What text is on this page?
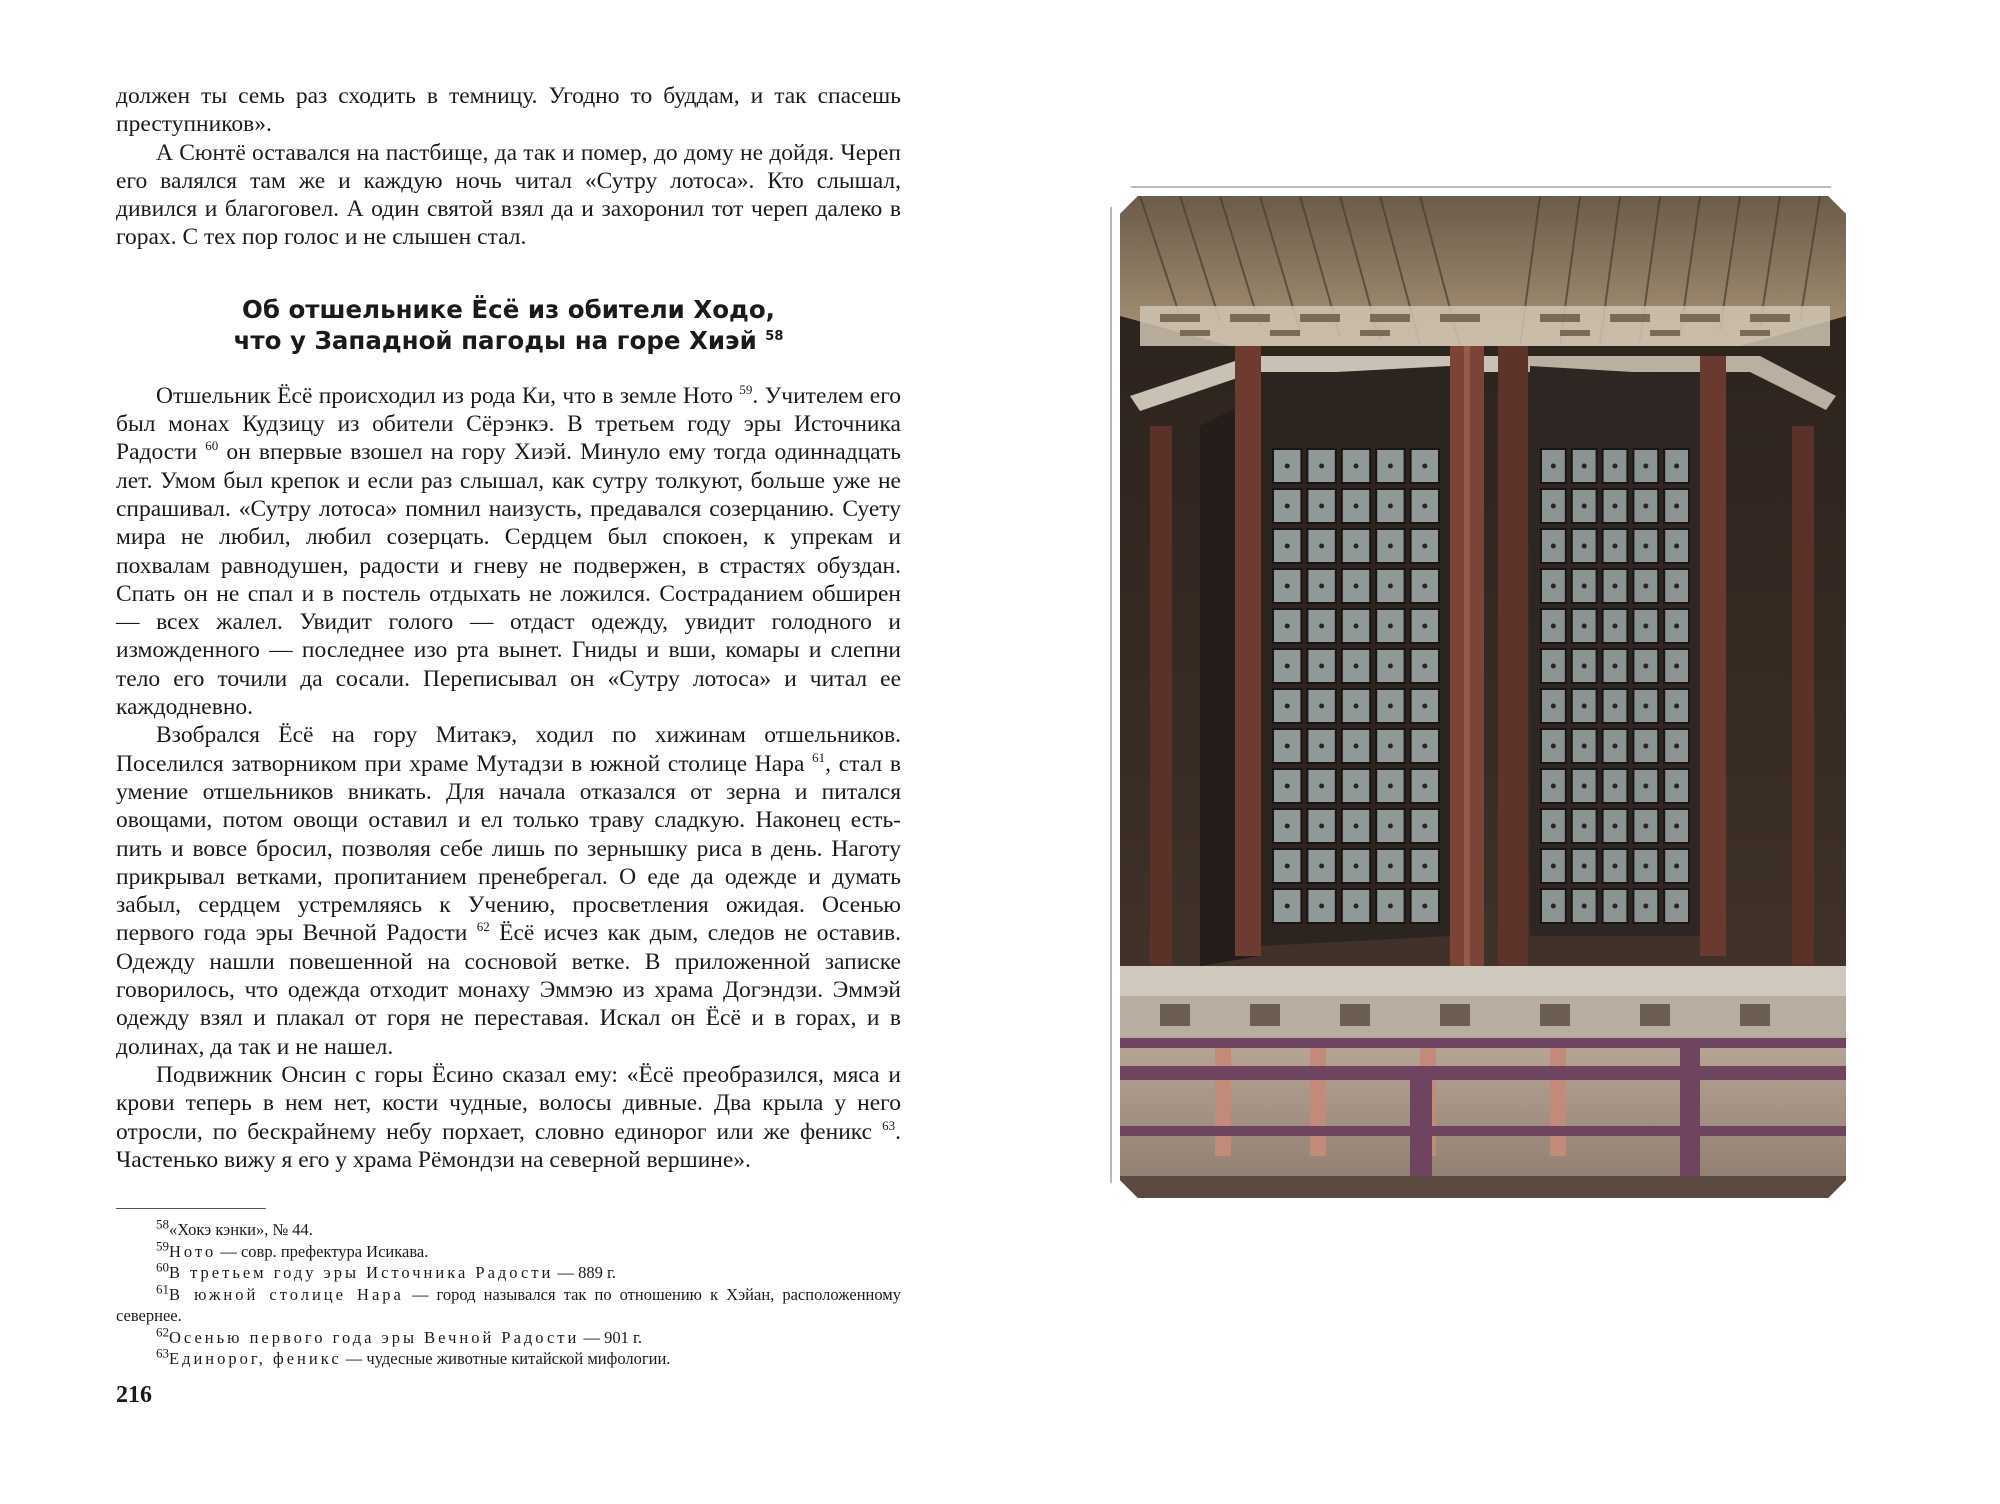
должен ты семь раз сходить в темницу. Угодно то буддам, и так спасешь преступников».

А Сюнтё оставался на пастбище, да так и помер, до дому не дойдя. Череп его валялся там же и каждую ночь читал «Сутру лотоса». Кто слышал, дивился и благоговел. А один святой взял да и захоронил тот череп далеко в горах. С тех пор голос и не слышен стал.

Об отшельнике Ёсё из обители Ходо,
что у Западной пагоды на горе Хиэй $^{58}$

Отшельник Ёсё происходил из рода Ки, что в земле Ното $^{59}$. Учителем его был монах Кудзицу из обители Сёрэнкэ. В третьем году эры Источника Радости $^{60}$ он впервые взошел на гору Хиэй. Минуло ему тогда одиннадцать лет. Умом был крепок и если раз слышал, как сутру толкуют, больше уже не спрашивал. «Сутру лотоса» помнил наизусть, предавался созерцанию. Суету мира не любил, любил созерцать. Сердцем был спокоен, к упрекам и похвалам равнодушен, радости и гневу не подвержен, в страстях обуздан. Спать он не спал и в постель отдыхать не ложился. Состраданием обширен — всех жалел. Увидит голого — отдаст одежду, увидит голодного и изможденного — последнее изо рта вынет. Гниды и вши, комары и слепни тело его точили да сосали. Переписывал он «Сутру лотоса» и читал ее каждодневно.

Взобрался Ёсё на гору Митакэ, ходил по хижинам отшельников. Поселился затворником при храме Мутадзи в южной столице Нара $^{61}$, стал в умение отшельников вникать. Для начала отказался от зерна и питался овощами, потом овощи оставил и ел только траву сладкую. Наконец есть-пить и вовсе бросил, позволяя себе лишь по зернышку риса в день. Наготу прикрывал ветками, пропитанием пренебрегал. О еде да одежде и думать забыл, сердцем устремляясь к Учению, просветления ожидая. Осенью первого года эры Вечной Радости $^{62}$ Ёсё исчез как дым, следов не оставив. Одежду нашли повешенной на сосновой ветке. В приложенной записке говорилось, что одежда отходит монаху Эммэю из храма Догэндзи. Эммэй одежду взял и плакал от горя не переставая. Искал он Ёсё и в горах, и в долинах, да так и не нашел.

Подвижник Онсин с горы Ёсино сказал ему: «Ёсё преобразился, мяса и крови теперь в нем нет, кости чудные, волосы дивные. Два крыла у него отросли, по бескрайнему небу порхает, словно единорог или же феникс $^{63}$. Частенько вижу я его у храма Рёмондзи на северной вершине».

$^{58}$«Хокэ кэнки», № 44.

$^{59}$Ното — совр. префектура Исикава.

$^{60}$В третьем году эры Источника Радости — 889 г.

$^{61}$В южной столице Нара — город назывался так по отношению к Хэйан, расположенному севернее.

$^{62}$Осенью первого года эры Вечной Радости — 901 г.

$^{63}$Единорог, феникс — чудесные животные китайской мифологии.

216
